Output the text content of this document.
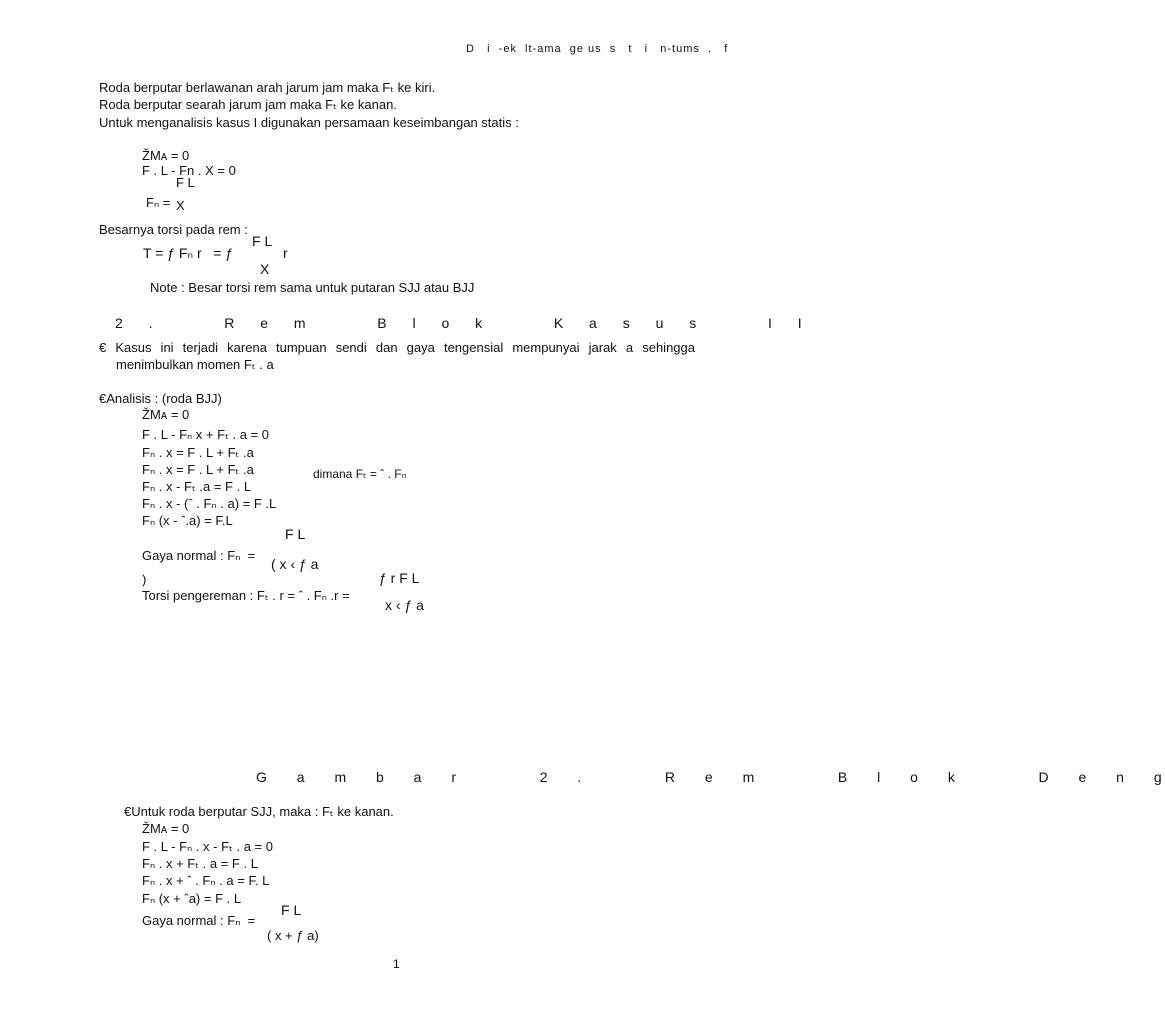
D   i  -ek  lt-ama  ge us  s   t   i   n-tums  .   f
Roda berputar berlawanan arah jarum jam maka Fₜ ke kiri.
Roda berputar searah jarum jam maka Fₜ ke kanan.
Untuk menganalisis kasus I digunakan persamaan keseimbangan statis :
ŽMᴀ = 0
F . L - Fn . X = 0
F L
Fₙ = X
Besarnya torsi pada rem :
F L
T = ƒ Fₙ r   = ƒ	r
X
Note : Besar torsi rem sama untuk putaran SJJ atau BJJ
2 .   R e m   B l o k   K a s u s   I I
€ Kasus ini terjadi karena tumpuan sendi dan gaya tengensial mempunyai jarak a sehingga
menimbulkan momen Fₜ . a
€Analisis : (roda BJJ)
ŽMᴀ = 0
F . L - Fₙ x + Fₜ . a = 0
Fₙ . x = F . L + Fₜ .a
Fₙ . x = F . L + Fₜ .a	dimana Fₜ = ˆ . Fₙ
Fₙ . x - Fₜ .a = F . L
Fₙ . x - (ˆ . Fₙ . a) = F .L
Fₙ (x - ˆ.a) = F.L
F L
Gaya normal : Fₙ  =
( x ‹ ƒ a
ƒ r F L
)
Torsi pengereman : Fₜ . r = ˆ . Fₙ .r =
x ‹ ƒ a
G a m b a r   2 .   R e m   B l o k   D e n g
€Untuk roda berputar SJJ, maka : Fₜ ke kanan.
ŽMᴀ = 0
F . L - Fₙ . x - Fₜ . a = 0
Fₙ . x + Fₜ . a = F . L
Fₙ . x + ˆ . Fₙ . a = F. L
Fₙ (x + ˆa) = F . L
F L
Gaya normal : Fₙ  =
( x + ƒ a)
1
